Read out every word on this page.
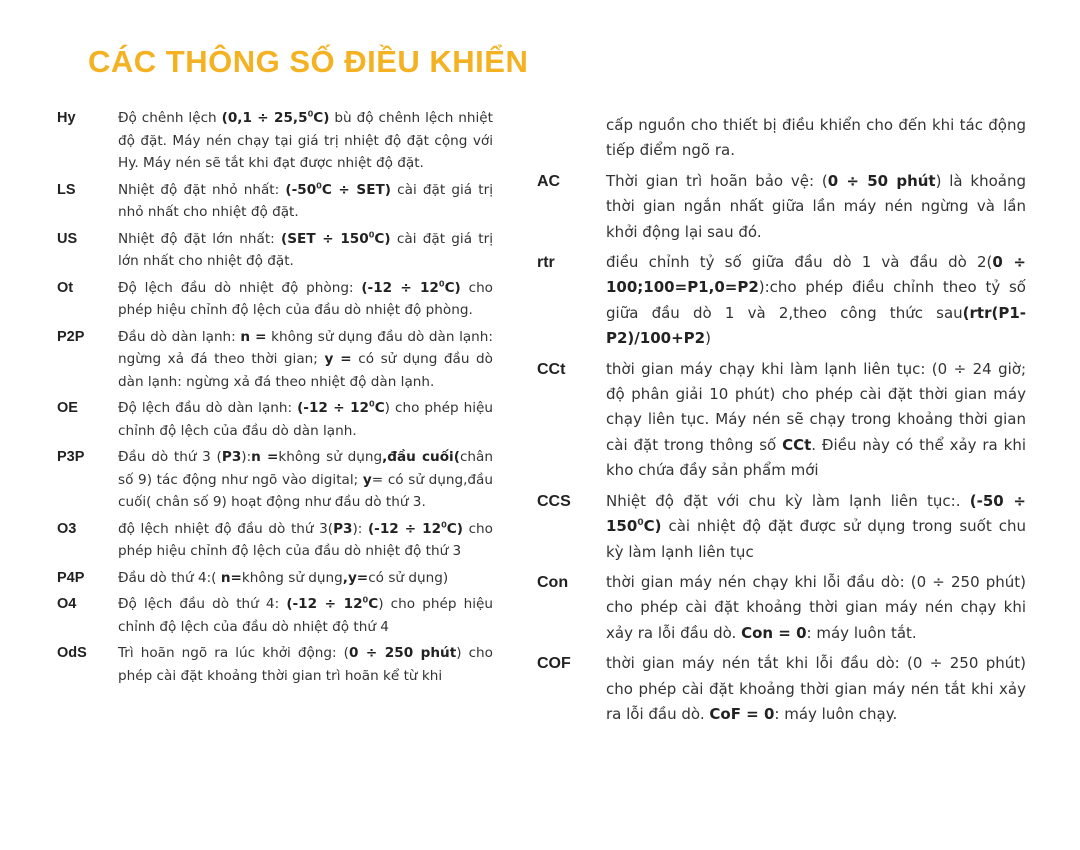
CÁC THÔNG SỐ ĐIỀU KHIỂN
Hy	Độ chênh lệch $(0,1 \div 25,5^0C)$ bù độ chênh lệch nhiệt độ đặt. Máy nén chạy tại giá trị nhiệt độ đặt cộng với Hy. Máy nén sẽ tắt khi đạt được nhiệt độ đặt.
LS	Nhiệt độ đặt nhỏ nhất: $(-50^0C \div SET)$ cài đặt giá trị nhỏ nhất cho nhiệt độ đặt.
US	Nhiệt độ đặt lớn nhất: $(SET \div 150^0C)$ cài đặt giá trị lớn nhất cho nhiệt độ đặt.
Ot	Độ lệch đầu dò nhiệt độ phòng: $(-12 \div 12^0C)$ cho phép hiệu chỉnh độ lệch của đầu dò nhiệt độ phòng.
P2P	Đầu dò dàn lạnh: n = không sử dụng đầu dò dàn lạnh: ngừng xả đá theo thời gian; y = có sử dụng đầu dò dàn lạnh: ngừng xả đá theo nhiệt độ dàn lạnh.
OE	Độ lệch đầu dò dàn lạnh: $(-12 \div 12^0C)$ cho phép hiệu chỉnh độ lệch của đầu dò dàn lạnh.
P3P	Đầu dò thứ 3 (P3):n =không sử dụng,đầu cuối(chân số 9) tác động như ngõ vào digital; y= có sử dụng,đầu cuối( chân số 9) hoạt động như đầu dò thứ 3.
O3	độ lệch nhiệt độ đầu dò thứ 3(P3): $(-12 \div 12^0C)$ cho phép hiệu chỉnh độ lệch của đầu dò nhiệt độ thứ 3
P4P	Đầu dò thứ 4:( n=không sử dụng,y=có sử dụng)
O4	Độ lệch đầu dò thứ 4: $(-12 \div 12^0C)$ cho phép hiệu chỉnh độ lệch của đầu dò nhiệt độ thứ 4
OdS	Trì hoãn ngõ ra lúc khởi động: (0 ÷ 250 phút) cho phép cài đặt khoảng thời gian trì hoãn kể từ khi
cấp nguồn cho thiết bị điều khiển cho đến khi tác động tiếp điểm ngõ ra.
AC	Thời gian trì hoãn bảo vệ: (0 ÷ 50 phút) là khoảng thời gian ngắn nhất giữa lần máy nén ngừng và lần khởi động lại sau đó.
rtr	điều chỉnh tỷ số giữa đầu dò 1 và đầu dò 2(0 ÷ 100;100=P1,0=P2):cho phép điều chỉnh theo tỷ số giữa đầu dò 1 và 2,theo công thức sau(rtr(P1-P2)/100+P2)
CCt	thời gian máy chạy khi làm lạnh liên tục: (0 ÷ 24 giờ; độ phân giải 10 phút) cho phép cài đặt thời gian máy chạy liên tục. Máy nén sẽ chạy trong khoảng thời gian cài đặt trong thông số CCt. Điều này có thể xảy ra khi kho chứa đầy sản phẩm mới
CCS	Nhiệt độ đặt với chu kỳ làm lạnh liên tục:. $(-50 \div 150^0C)$ cài nhiệt độ đặt được sử dụng trong suốt chu kỳ làm lạnh liên tục
Con	thời gian máy nén chạy khi lỗi đầu dò: (0 ÷ 250 phút) cho phép cài đặt khoảng thời gian máy nén chạy khi xảy ra lỗi đầu dò. Con = 0: máy luôn tắt.
COF	thời gian máy nén tắt khi lỗi đầu dò: (0 ÷ 250 phút) cho phép cài đặt khoảng thời gian máy nén tắt khi xảy ra lỗi đầu dò. CoF = 0: máy luôn chạy.
